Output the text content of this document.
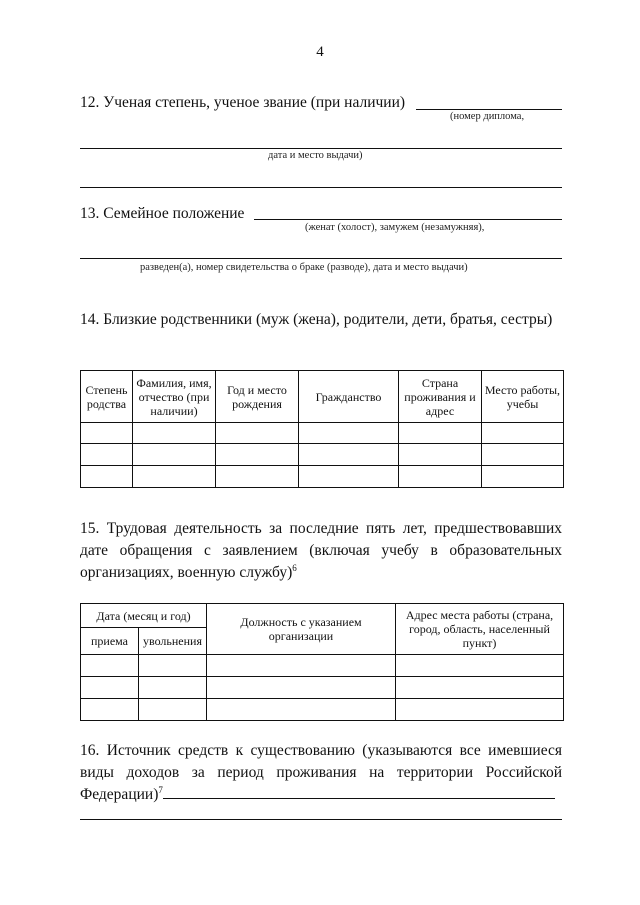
4
12. Ученая степень, ученое звание (при наличии)
(номер диплома,
дата и место выдачи)
13. Семейное положение
(женат (холост), замужем (незамужняя),
разведен(а), номер свидетельства о браке (разводе), дата и место выдачи)
14. Близкие родственники (муж (жена), родители, дети, братья, сестры)
Степень родства	Фамилия, имя, отчество (при наличии)	Год и место рождения	Гражданство	Страна проживания и адрес	Место работы, учебы

15. Трудовая деятельность за последние пять лет, предшествовавших дате обращения с заявлением (включая учебу в образовательных организациях, военную службу)$^6$
Дата (месяц и год)		Должность с указанием организации	Адрес места работы (страна, город, область, населенный пункт)
приема	увольнения		

16. Источник средств к существованию (указываются все имевшиеся виды доходов за период проживания на территории Российской Федерации)$^7$
